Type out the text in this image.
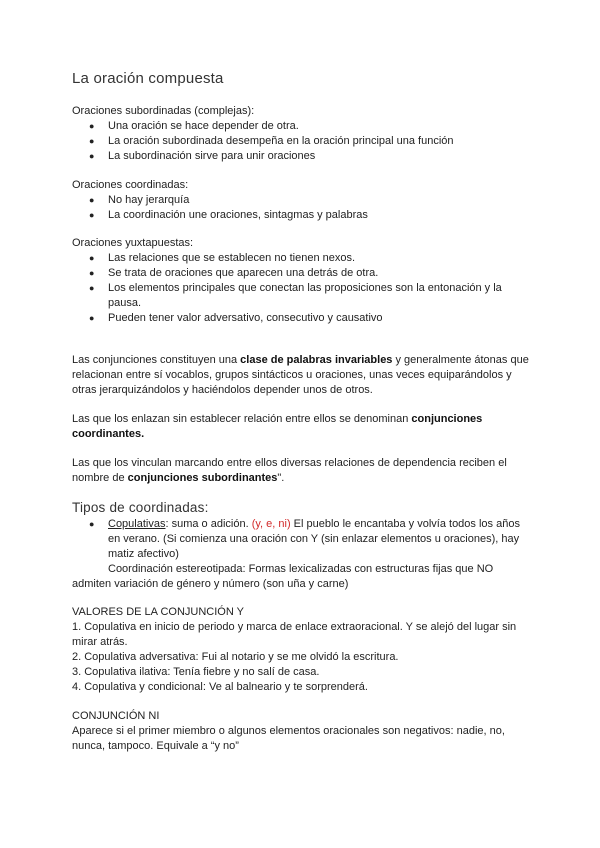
La oración compuesta
Oraciones subordinadas (complejas):
● Una oración se hace depender de otra.
● La oración subordinada desempeña en la oración principal una función
● La subordinación sirve para unir oraciones
Oraciones coordinadas:
● No hay jerarquía
● La coordinación une oraciones, sintagmas y palabras
Oraciones yuxtapuestas:
● Las relaciones que se establecen no tienen nexos.
● Se trata de oraciones que aparecen una detrás de otra.
● Los elementos principales que conectan las proposiciones son la entonación y la pausa.
● Pueden tener valor adversativo, consecutivo y causativo
Las conjunciones constituyen una clase de palabras invariables y generalmente átonas que relacionan entre sí vocablos, grupos sintácticos u oraciones, unas veces equiparándolos y otras jerarquizándolos y haciéndolos depender unos de otros.
Las que los enlazan sin establecer relación entre ellos se denominan conjunciones coordinantes.
Las que los vinculan marcando entre ellos diversas relaciones de dependencia reciben el nombre de conjunciones subordinantes".
Tipos de coordinadas:
● Copulativas: suma o adición. (y, e, ni) El pueblo le encantaba y volvía todos los años en verano. (Si comienza una oración con Y (sin enlazar elementos u oraciones), hay matiz afectivo)
Coordinación estereotipada: Formas lexicalizadas con estructuras fijas que NO
admiten variación de género y número (son uña y carne)
VALORES DE LA CONJUNCIÓN Y
1. Copulativa en inicio de periodo y marca de enlace extraoracional. Y se alejó del lugar sin mirar atrás.
2. Copulativa adversativa: Fui al notario y se me olvidó la escritura.
3. Copulativa ilativa: Tenía fiebre y no salí de casa.
4. Copulativa y condicional: Ve al balneario y te sorprenderá.
CONJUNCIÓN NI
Aparece si el primer miembro o algunos elementos oracionales son negativos: nadie, no, nunca, tampoco. Equivale a “y no”
